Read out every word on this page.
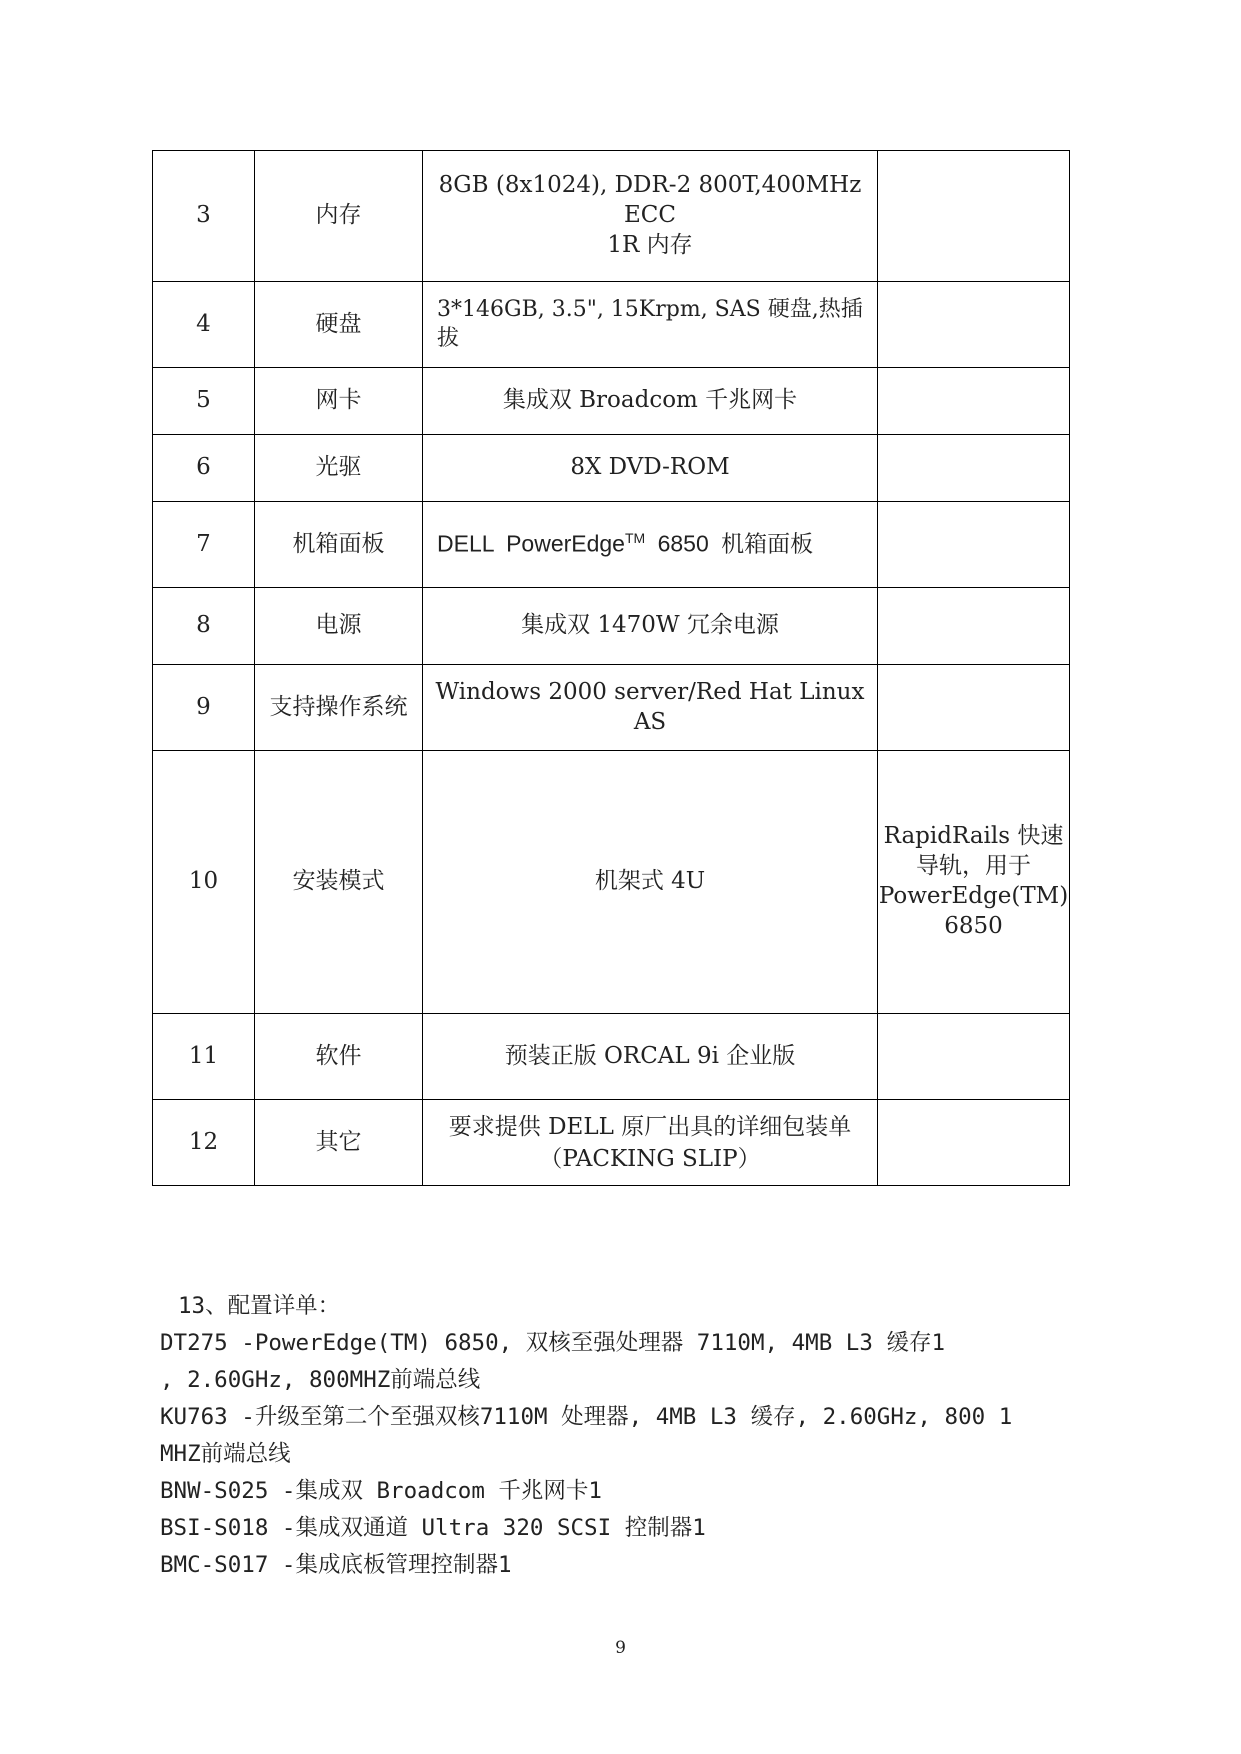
3	内存	8GB (8x1024), DDR-2 800T,400MHz ECC
1R 内存	

4	硬盘	3*146GB, 3.5", 15Krpm, SAS 硬盘,热插拔	
5	网卡	集成双 Broadcom 千兆网卡	
6	光驱	8X DVD-ROM	
7	机箱面板	DELL PowerEdge™ 6850 机箱面板	
8	电源	集成双 1470W 冗余电源	
9	支持操作系统	Windows 2000 server/Red Hat Linux AS	
10	安装模式	机架式 4U	RapidRails 快速
导轨，用于
PowerEdge(TM)
6850

11	软件	预装正版 ORCAL 9i 企业版	
12	其它	要求提供 DELL 原厂出具的详细包装单
（PACKING SLIP）	

13、配置详单：
DT275 -PowerEdge(TM) 6850, 双核至强处理器 7110M, 4MB L3 缓存1
, 2.60GHz, 800MHZ前端总线
KU763 -升级至第二个至强双核7110M 处理器, 4MB L3 缓存, 2.60GHz, 800 1
MHZ前端总线
BNW-S025 -集成双 Broadcom 千兆网卡1
BSI-S018 -集成双通道 Ultra 320 SCSI 控制器1
BMC-S017 -集成底板管理控制器1
9
